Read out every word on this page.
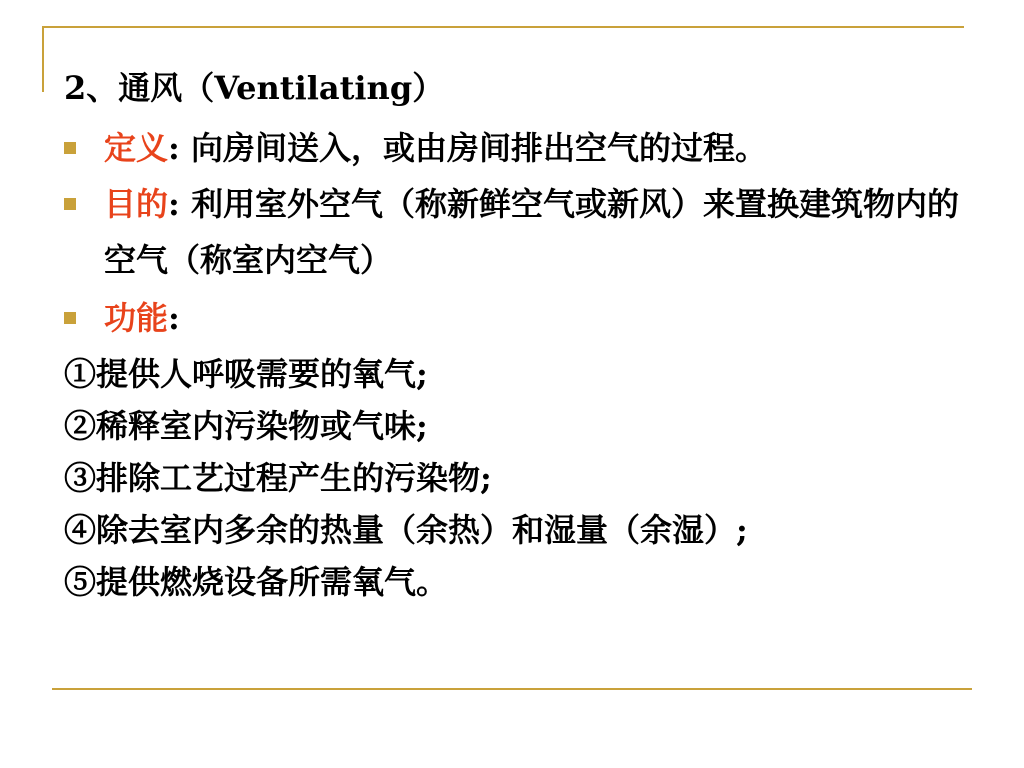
2、通风（Ventilating）
定义: 向房间送入，或由房间排出空气的过程。
目的: 利用室外空气（称新鲜空气或新风）来置换建筑物内的空气（称室内空气）
功能:
①提供人呼吸需要的氧气;
②稀释室内污染物或气味;
③排除工艺过程产生的污染物;
④除去室内多余的热量（余热）和湿量（余湿）;
⑤提供燃烧设备所需氧气。
